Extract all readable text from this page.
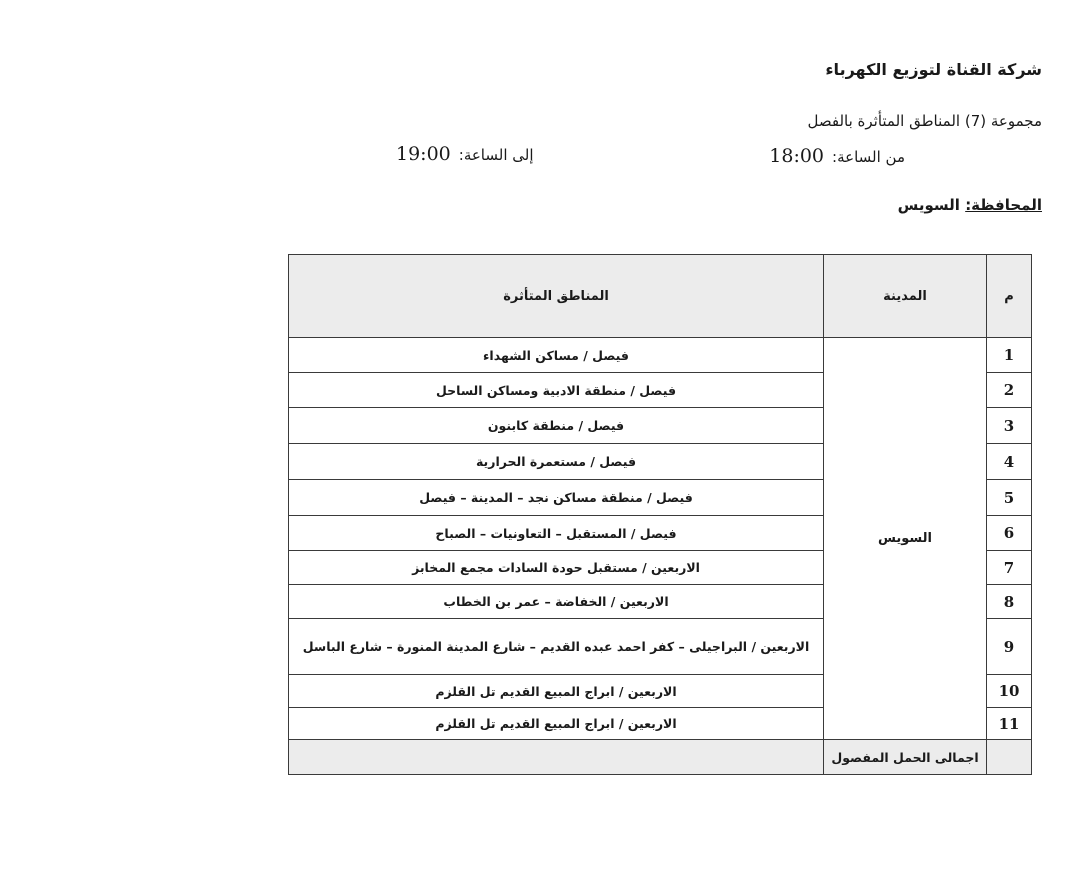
شركة القناة لتوزيع الكهرباء
مجموعة (7) المناطق المتأثرة بالفصل
من الساعة:
18:00
إلى الساعة:
19:00
المحافظة: السويس
م	المدينة	المناطق المتأثرة
1	السويس	فيصل / مساكن الشهداء
2		فيصل / منطقة الادبية ومساكن الساحل
3		فيصل / منطقة كابنون
4		فيصل / مستعمرة الحرارية
5		فيصل / منطقة مساكن نجد – المدينة – فيصل
6		فيصل / المستقبل – التعاونيات – الصباح
7		الاربعين / مستقبل حودة السادات مجمع المخابز
8		الاربعين / الخفاضة – عمر بن الخطاب
9		الاربعين / البراجيلى – كفر احمد عبده القديم – شارع المدينة المنورة – شارع الباسل
10		الاربعين / ابراج المبيع القديم تل القلزم
11		الاربعين / ابراج المبيع القديم تل القلزم
	اجمالى الحمل المفصول	
